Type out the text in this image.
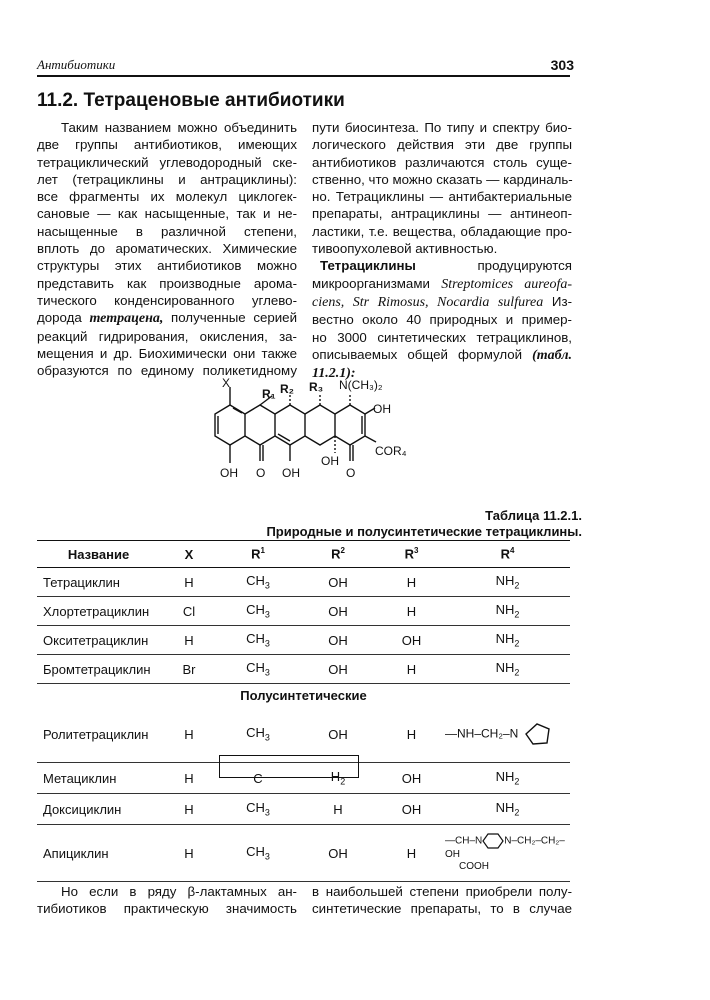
Антибиотики	303
11.2. Тетраценовые антибиотики
Таким названием можно объединить
две группы антибиотиков, имеющих
тетрациклический углеводородный ске-
лет (тетрациклины и антрациклины):
все фрагменты их молекул циклогек-
сановые — как насыщенные, так и не-
насыщенные в различной степени,
вплоть до ароматических. Химические
структуры этих антибиотиков можно
представить как производные арома-
тического конденсированного углево-
дорода тетрацена, полученные серией
реакций гидрирования, окисления, за-
мещения и др. Биохимически они также
образуются по единому поликетидному
пути биосинтеза. По типу и спектру био-
логического действия эти две группы
антибиотиков различаются столь суще-
ственно, что можно сказать — кардиналь-
но. Тетрациклины — антибактериальные
препараты, антрациклины — антинеоп-
ластики, т.е. вещества, обладающие про-
тивоопухолевой активностью.
Тетрациклины продуцируются
микроорганизмами Streptomices aureofa-
ciens, Str Rimosus, Nocardia sulfurea Из-
вестно около 40 природных и пример-
но 3000 синтетических тетрациклинов,
описываемых общей формулой (табл.
11.2.1):
X
R₁ R₂ R₃ N(CH₃)₂
OH
COR₄
OH O OH
OH
O
Таблица 11.2.1.
Природные и полусинтетические тетрациклины.
Название	X	$R^1$	$R^2$	$R^3$	$R^4$
Тетрациклин	H	$CH_3$	OH	H	$NH_2$
Хлортетрациклин	Cl	$CH_3$	OH	H	$NH_2$
Окситетрациклин	H	$CH_3$	OH	OH	$NH_2$
Бромтетрациклин	Br	$CH_3$	OH	H	$NH_2$
Полусинтетические					
Ролитетрациклин	H	$CH_3$	OH	H	—NH–CH₂–N
Метациклин	H	C	$H_2$	OH	$NH_2$
Доксициклин	H	$CH_3$	H	OH	$NH_2$
Апициклин	H	$CH_3$	OH	H	—CH–N N–CH₂–CH₂–OH
COOH
Но если в ряду β-лактамных ан-
тибиотиков практическую значимость
в наибольшей степени приобрели полу-
синтетические препараты, то в случае
